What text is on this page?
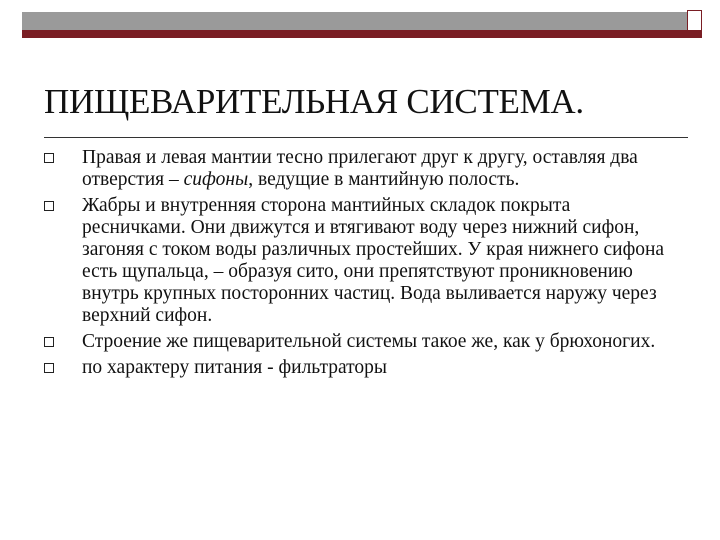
ПИЩЕВАРИТЕЛЬНАЯ СИСТЕМА.
Правая и левая мантии тесно прилегают друг к другу, оставляя два отверстия – сифоны, ведущие в мантийную полость.
Жабры и внутренняя сторона мантийных складок покрыта ресничками. Они движутся и втягивают воду через нижний сифон, загоняя с током воды различных простейших. У края нижнего сифона есть щупальца, – образуя сито, они препятствуют проникновению внутрь крупных посторонних частиц. Вода выливается наружу через верхний сифон.
Строение же пищеварительной системы такое же, как у брюхоногих.
по характеру питания - фильтраторы
